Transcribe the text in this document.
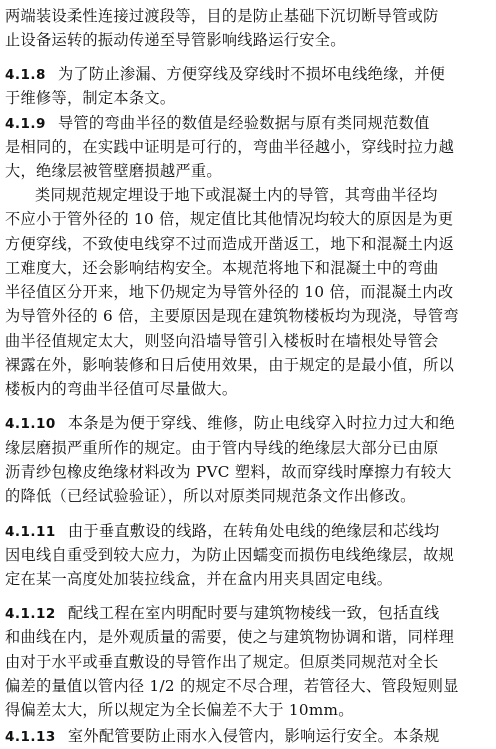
两端装设柔性连接过渡段等，目的是防止基础下沉切断导管或防
止设备运转的振动传递至导管影响线路运行安全。
4.1.8 为了防止渗漏、方便穿线及穿线时不损坏电线绝缘，并便
于维修等，制定本条文。
4.1.9 导管的弯曲半径的数值是经验数据与原有类同规范数值
是相同的，在实践中证明是可行的，弯曲半径越小，穿线时拉力越
大，绝缘层被管壁磨损越严重。
类同规范规定埋设于地下或混凝土内的导管，其弯曲半径均
不应小于管外径的 10 倍，规定值比其他情况均较大的原因是为更
方便穿线，不致使电线穿不过而造成开凿返工，地下和混凝土内返
工难度大，还会影响结构安全。本规范将地下和混凝土中的弯曲
半径值区分开来，地下仍规定为导管外径的 10 倍，而混凝土内改
为导管外径的 6 倍，主要原因是现在建筑物楼板均为现浇，导管弯
曲半径值规定太大，则竖向沿墙导管引入楼板时在墙根处导管会
裸露在外，影响装修和日后使用效果，由于规定的是最小值，所以
楼板内的弯曲半径值可尽量做大。
4.1.10 本条是为便于穿线、维修，防止电线穿入时拉力过大和绝
缘层磨损严重所作的规定。由于管内导线的绝缘层大部分已由原
沥青纱包橡皮绝缘材料改为 PVC 塑料，故而穿线时摩擦力有较大
的降低（已经试验验证），所以对原类同规范条文作出修改。
4.1.11 由于垂直敷设的线路，在转角处电线的绝缘层和芯线均
因电线自重受到较大应力，为防止因蠕变而损伤电线绝缘层，故规
定在某一高度处加装拉线盒，并在盒内用夹具固定电线。
4.1.12 配线工程在室内明配时要与建筑物棱线一致，包括直线
和曲线在内，是外观质量的需要，使之与建筑物协调和谐，同样理
由对于水平或垂直敷设的导管作出了规定。但原类同规范对全长
偏差的量值以管内径 1/2 的规定不尽合理，若管径大、管段短则显
得偏差太大，所以规定为全长偏差不大于 10mm。
4.1.13 室外配管要防止雨水入侵管内，影响运行安全。本条规
